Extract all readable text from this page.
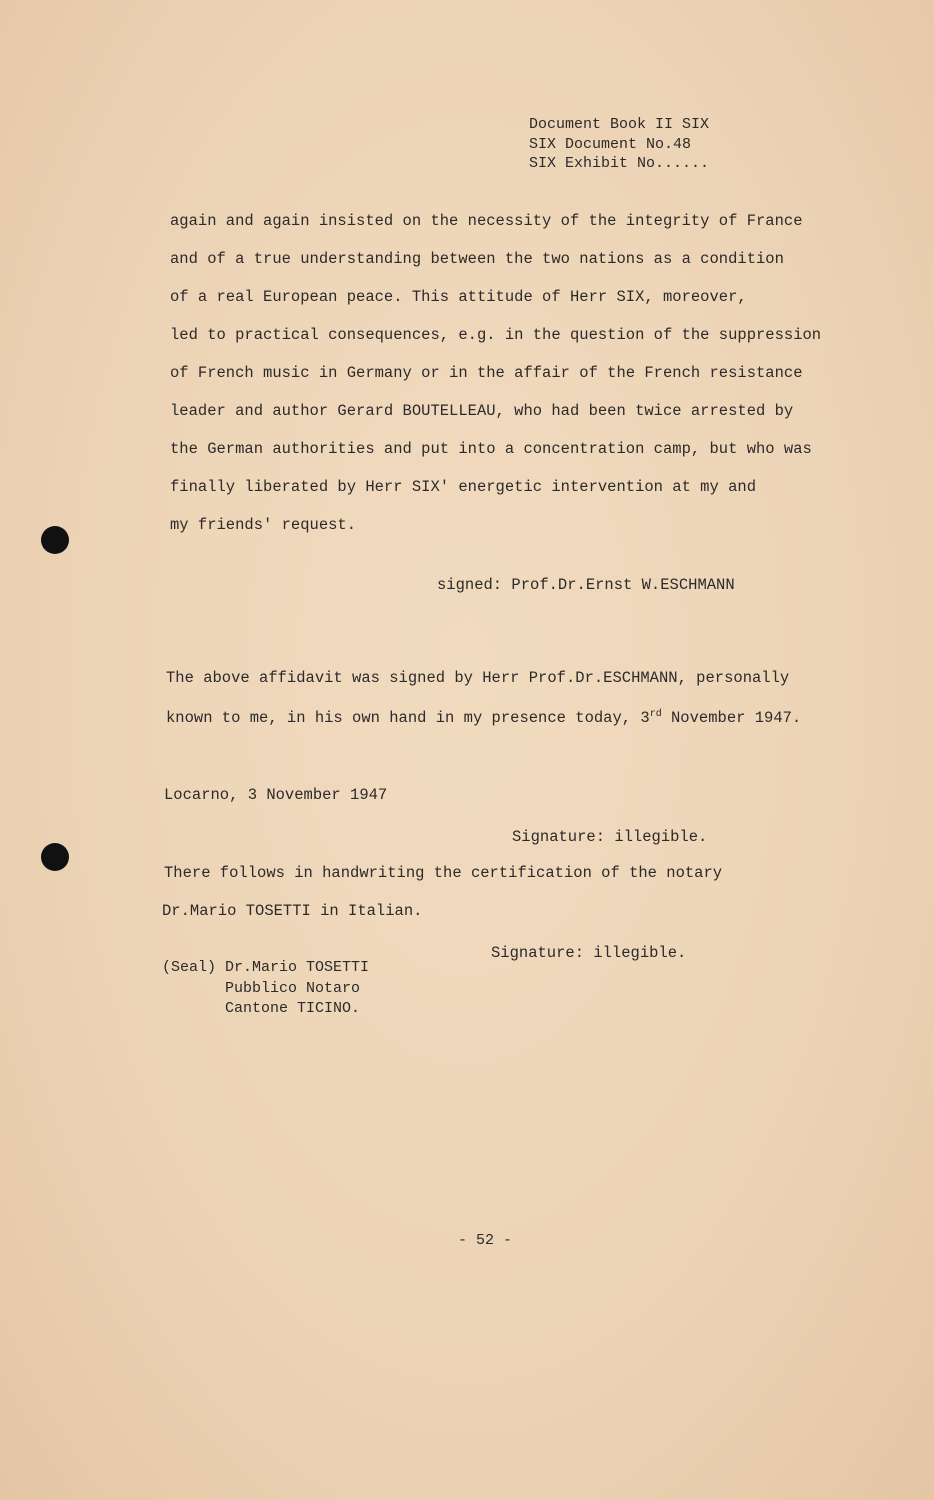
Document Book II SIX
SIX Document No.48
SIX Exhibit No......
again and again insisted on the necessity of the integrity of France
and of a true understanding between the two nations as a condition
of a real European peace. This attitude of Herr SIX, moreover,
led to practical consequences, e.g. in the question of the suppression
of French music in Germany or in the affair of the French resistance
leader and author Gerard BOUTELLEAU, who had been twice arrested by
the German authorities and put into a concentration camp, but who was
finally liberated by Herr SIX' energetic intervention at my and
my friends' request.
signed: Prof.Dr.Ernst W.ESCHMANN
The above affidavit was signed by Herr Prof.Dr.ESCHMANN, personally
known to me, in his own hand in my presence today, 3rd November 1947.
Locarno, 3 November 1947
Signature: illegible.
There follows in handwriting the certification of the notary
Dr.Mario TOSETTI in Italian.
Signature: illegible.
(Seal) Dr.Mario TOSETTI
Pubblico Notaro
Cantone TICINO.
- 52 -
